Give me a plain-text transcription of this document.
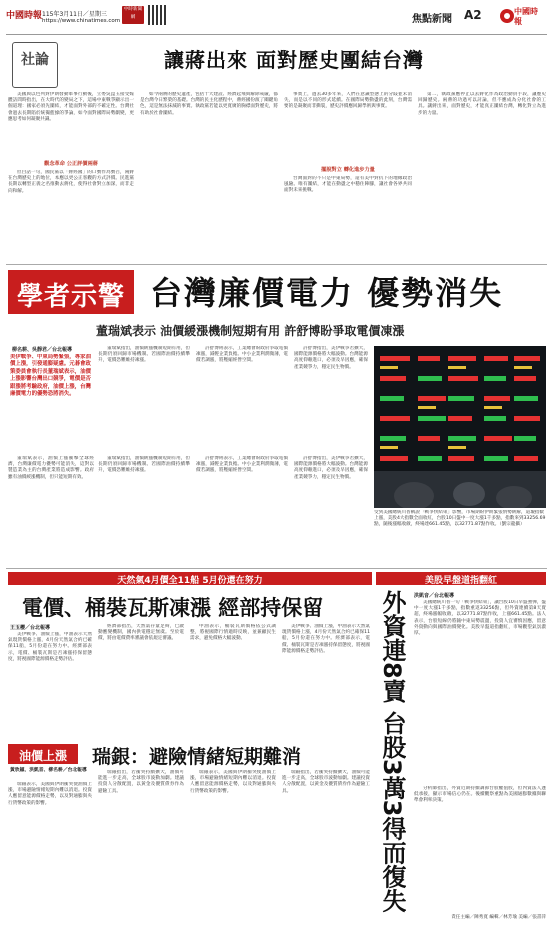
中國時報 115年3月11日／星期三
https://www.chinatimes.com
中時新聞網	焦點新聞 A2	中國時報
社論	讓蔣出來 面對歷史團結台灣

美國與以色列對伊朗發動軍事行動後，立委吳崑玉接受媒體訪問時指出，在大時代的變局之下，這場中東戰爭顯示出一個道理：國家必須先團結，才能面對外部的不確定性。台灣社會過去長期陷於統獨藍綠的爭論，如今面對國際局勢劇變，更應思考如何凝聚共識。

觀念革命 公正評價兩蔣

但白話一句，國民黨以「蔣經國」的口號作為號召，兩蔣在台灣歷史上的地位，本應以更公正客觀的方式評價。民進黨長期以轉型正義之名推動去蔣化，使得社會對立加深，而非走向和解。

如今兩蔣的歷史遺產，包括十大建設、經濟起飛與解除戒嚴，都是台灣今日繁榮的基礎。台灣的民主化歷程中，蔣經國扮演了關鍵角色，這是無法抹滅的事實。執政黨若能以更寬廣的胸襟面對歷史，將有助於社會團結。

事實上，過去30多年來，人們在意識型態上的分歧並未消失，而是以不同的形式延續。在國際局勢動盪的此刻，台灣需要的是凝聚而非撕裂，歷史評價應回歸學術與事實。

擺脫對立 轉化進步力量

台灣面對的不只是中東局勢，還有美中對抗下的地緣政治風險。唯有團結，才能在動盪之中穩住陣腳，讓社會各界共同面對未來挑戰。

第二，執政黨應停止以去蔣化作為政治動員手段，讓歷史回歸歷史。兩蔣的功過可以討論，但不應成為分化社會的工具。讓蔣出來，面對歷史，才能真正團結台灣，轉化對立為進步的力量。

學者示警 台灣廉價電力 優勢消失
董瑞斌表示 油價緩漲機制短期有用 許舒博盼爭取電價凍漲
柳名耕、吳靜君／台北報導
美伊戰爭、中東局勢緊張，專家油價上漲，引發通膨疑慮。元碁會政策委員會執行長董瑞斌表示，油價上漲影響台灣出口競爭，電價是否跟漲將考驗政府，油價上漲，台灣廉價電力的優勢恐將消失。

董瑞斌指出，油價緩漲機制短期有用，但長期仍須回歸市場機制。若國際油價持續攀升，電價恐難維持凍漲。

許舒博則表示，工業總會盼政府爭取電價凍漲，減輕企業負擔。中小企業利潤微薄，電價若調漲，將壓縮經營空間。

許舒博指出，美伊戰爭若擴大，國際能源價格將大幅波動。台灣能源高度仰賴進口，必須及早因應，確保產業競爭力，穩定民生物價。

董瑞斌表示，油價上漲衝擊全球經濟，台灣廉價電力優勢可能消失，這對以製造業為主的台灣產業將造成影響。政府雖有油價緩漲機制，但只能短期有效。

董瑞斌指出，油價緩漲機制短期有用，但長期仍須回歸市場機制。若國際油價持續攀升，電價恐難維持凍漲。

許舒博則表示，工業總會盼政府爭取電價凍漲，減輕企業負擔。中小企業利潤微薄，電價若調漲，將壓縮經營空間。

許舒博指出，美伊戰爭若擴大，國際能源價格將大幅波動。台灣能源高度仰賴進口，必須及早因應，確保產業競爭力，穩定民生物價。

受到美國總統川普稱說「戰爭快結束」影響，市場期盼伊朗緊張情勢緩解，道瓊指數上漲，美股4大指數全面收紅，台股10日盤中一度大漲1千多點，指數來到33256.69點，隨後漲幅收斂，終場達661.45點，以32771.87點作收。（劉宗龍攝）
天然氣4月價全11船 5月份還在努力
電價、桶裝瓦斯凍漲 經部持保留
王玉櫻／台北報導

美伊戰爭、油價上漲，中油表示天然氣現貨價格上漲，4月份天然氣合約已確保11船，5月份還在努力中。經濟部表示，電價、桶裝瓦斯是否凍漲持保留態度，將視國際能源價格走勢評估。

經濟部指出，天然氣存量足夠，已啟動應變機制，國內供電穩定無虞。至於電價，將由電價費率審議會依規定審議。

中油表示，桶裝瓦斯價格依公式調整，將視國際行情適時反映，並兼顧民生需求，避免價格大幅波動。

美伊戰爭、油價上漲，中油表示天然氣現貨價格上漲，4月份天然氣合約已確保11船，5月份還在努力中。經濟部表示，電價、桶裝瓦斯是否凍漲持保留態度，將視國際能源價格走勢評估。

油價上漲	瑞銀：避險情緒短期難消
黃欣穎、洪凱音、柳名耕／台北報導

瑞銀表示，美國與伊朗衝突使油價上漲，市場避險情緒短期內難以消退。投資人應留意能源價格走勢，以及對通膨與央行貨幣政策的影響。

瑞銀指出，若衝突持續擴大，油價可能進一步走高，全球股市波動加劇。建議投資人分散配置，以黃金及優質債券作為避險工具。

瑞銀表示，美國與伊朗衝突使油價上漲，市場避險情緒短期內難以消退。投資人應留意能源價格走勢，以及對通膨與央行貨幣政策的影響。

瑞銀指出，若衝突持續擴大，油價可能進一步走高，全球股市波動加劇。建議投資人分散配置，以黃金及優質債券作為避險工具。

美股早盤道指翻紅
外資連8賣 台股3萬3得而復失 洪凱音／台北報導

美國總統川普一句「戰爭快結束」，讓台股10日早盤強彈，盤中一度大漲1千多點，指數重返33256點，但外資連續第8天賣超，終場漲幅收斂，以32771.87點作收，上漲661.45點。法人表示，台股短線仍將隨中東局勢震盪，投資人宜審慎因應，留意外資動向與國際油價變化。美股早盤道指翻紅，市場觀望氣氛濃厚。

分析師指出，外資近期持續調節台股權值股，但內資法人逢低承接，顯示市場信心仍在。後續觀察重點為美國通膨數據與聯準會利率決策。

責任主編／陳秀寬 編輯／林芳瑜 美編／張書萍
